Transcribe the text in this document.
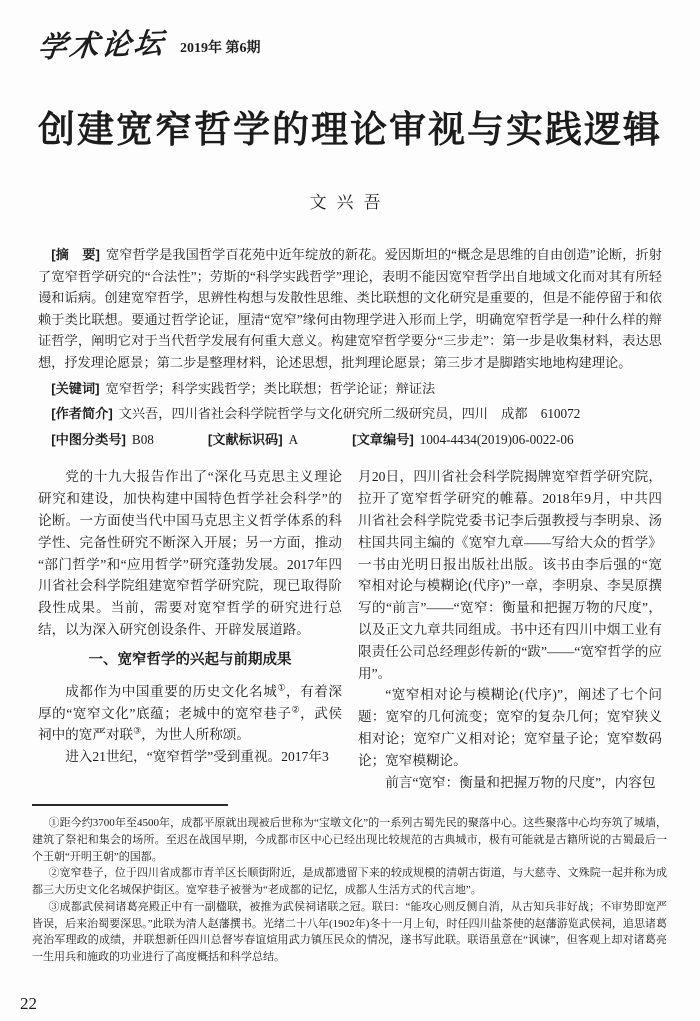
学术论坛 2019年 第6期
创建宽窄哲学的理论审视与实践逻辑
文兴吾

[摘　要] 宽窄哲学是我国哲学百花苑中近年绽放的新花。爱因斯坦的“概念是思维的自由创造”论断，折射了宽窄哲学研究的“合法性”；劳斯的“科学实践哲学”理论，表明不能因宽窄哲学出自地域文化而对其有所轻谩和诟病。创建宽窄哲学，思辨性构想与发散性思维、类比联想的文化研究是重要的，但是不能停留于和依赖于类比联想。要通过哲学论证，厘清“宽窄”缘何由物理学进入形而上学，明确宽窄哲学是一种什么样的辩证哲学，阐明它对于当代哲学发展有何重大意义。构建宽窄哲学要分“三步走”：第一步是收集材料，表达思想，抒发理论愿景；第二步是整理材料，论述思想，批判理论愿景；第三步才是脚踏实地地构建理论。

[关键词] 宽窄哲学；科学实践哲学；类比联想；哲学论证；辩证法

[作者简介] 文兴吾，四川省社会科学院哲学与文化研究所二级研究员，四川　成都　610072

[中图分类号] B08	[文献标识码] A	[文章编号] 1004-4434(2019)06-0022-06

党的十九大报告作出了“深化马克思主义理论研究和建设，加快构建中国特色哲学社会科学”的论断。一方面使当代中国马克思主义哲学体系的科学性、完备性研究不断深入开展；另一方面，推动“部门哲学”和“应用哲学”研究蓬勃发展。2017年四川省社会科学院组建宽窄哲学研究院，现已取得阶段性成果。当前，需要对宽窄哲学的研究进行总结，以为深入研究创设条件、开辟发展道路。

一、宽窄哲学的兴起与前期成果

成都作为中国重要的历史文化名城①，有着深厚的“宽窄文化”底蕴；老城中的宽窄巷子②，武侯祠中的宽严对联③，为世人所称颂。

进入21世纪，“宽窄哲学”受到重视。2017年3

月20日，四川省社会科学院揭牌宽窄哲学研究院，拉开了宽窄哲学研究的帷幕。2018年9月，中共四川省社会科学院党委书记李后强教授与李明泉、汤柱国共同主编的《宽窄九章——写给大众的哲学》一书由光明日报出版社出版。该书由李后强的“宽窄相对论与模糊论(代序)”一章，李明泉、李昊原撰写的“前言”——“宽窄：衡量和把握万物的尺度”，以及正文九章共同组成。书中还有四川中烟工业有限责任公司总经理彭传新的“跋”——“宽窄哲学的应用”。

“宽窄相对论与模糊论(代序)”，阐述了七个问题：宽窄的几何流变；宽窄的复杂几何；宽窄狭义相对论；宽窄广义相对论；宽窄量子论；宽窄数码论；宽窄模糊论。

前言“宽窄：衡量和把握万物的尺度”，内容包

①距今约3700年至4500年，成都平原就出现被后世称为“宝墩文化”的一系列古蜀先民的聚落中心。这些聚落中心均夯筑了城墙，建筑了祭祀和集会的场所。至迟在战国早期，今成都市区中心已经出现比较规范的古典城市，极有可能就是古籍所说的古蜀最后一个王朝“开明王朝”的国都。

②宽窄巷子，位于四川省成都市青羊区长顺街附近，是成都遗留下来的较成规模的清朝古街道，与大慈寺、文殊院一起并称为成都三大历史文化名城保护街区。宽窄巷子被誉为“老成都的记忆，成都人生活方式的代言地”。

③成都武侯祠诸葛亮殿正中有一副楹联，被推为武侯祠诸联之冠。联曰：“能攻心则反侧自消，从古知兵非好战；不审势即宽严皆误，后来治蜀要深思。”此联为清人赵藩撰书。光绪二十八年(1902年)冬十一月上旬，时任四川盐茶使的赵藩游览武侯祠，追思诸葛亮治军理政的成绩，并联想新任四川总督岑春谊煊用武力镇压民众的情况，遂书写此联。联语虽意在“讽谏”，但客观上却对诸葛亮一生用兵和施政的功业进行了高度概括和科学总结。

22
